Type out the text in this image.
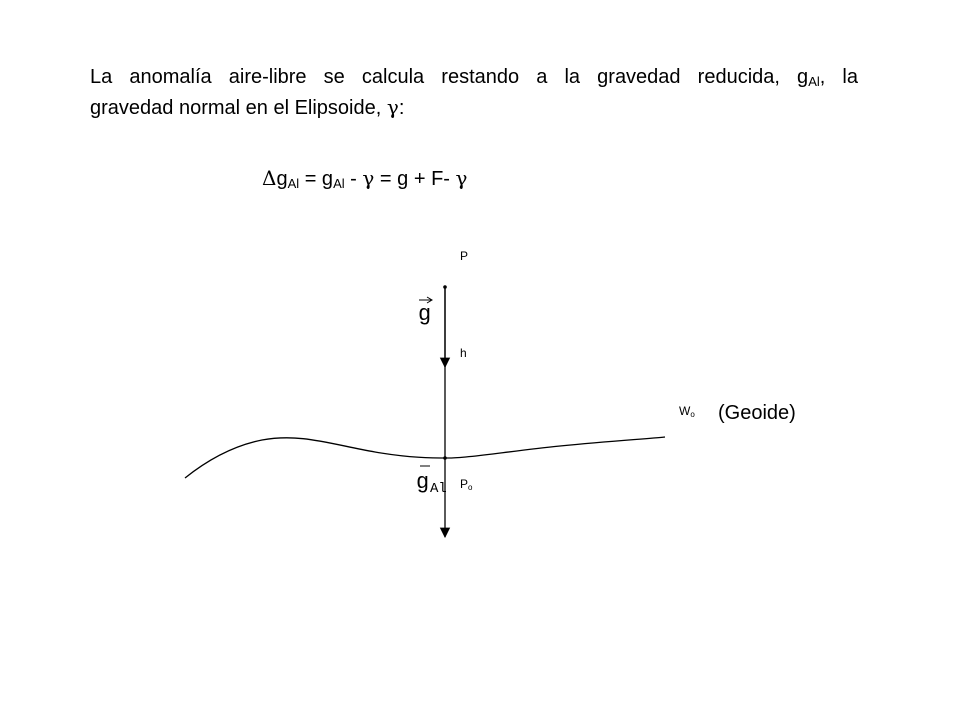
La anomalía aire-libre se calcula restando a la gravedad reducida, $g_{Al}$, la
gravedad normal en el Elipsoide, γ:
$\Delta g_{Al} = g_{Al} - \gamma = g + F-$ γ
g
g Al
P
h
$W_o$ (Geoide)
$P_o$
